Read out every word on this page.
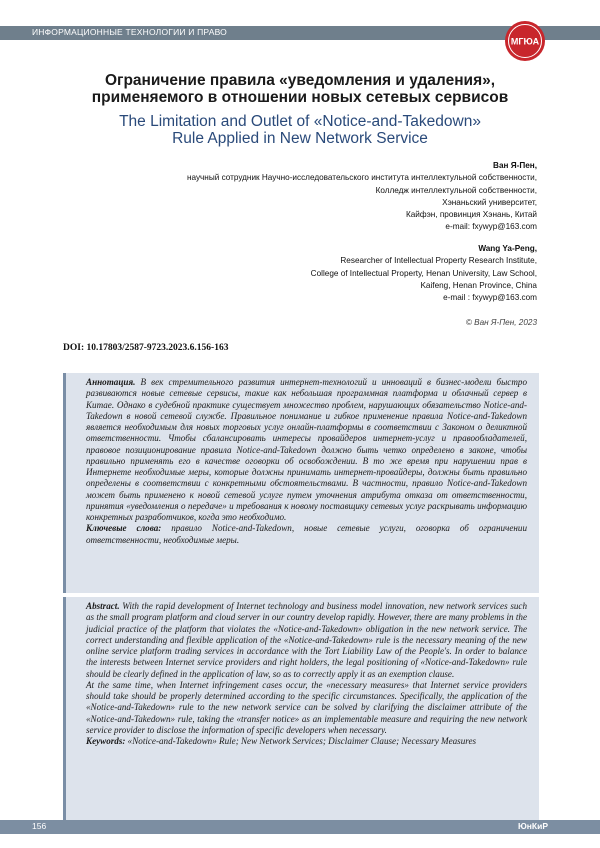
ИНФОРМАЦИОННЫЕ ТЕХНОЛОГИИ И ПРАВО
МГЮА
Ограничение правила «уведомления и удаления»,
применяемого в отношении новых сетевых сервисов
The Limitation and Outlet of «Notice-and-Takedown»
Rule Applied in New Network Service
Ван Я-Пен,
научный сотрудник Научно-исследовательского института интеллектульной собственности,
Колледж интеллектульной собственности,
Хэнаньский университет,
Кайфэн, провинция Хэнань, Китай
e-mail: fxywyp@163.com
Wang Ya-Peng,
Researcher of Intellectual Property Research Institute,
College of Intellectual Property, Henan University, Law School,
Kaifeng, Henan Province, China
e-mail : fxywyp@163.com
© Ван Я-Пен, 2023
DOI: 10.17803/2587-9723.2023.6.156-163

Аннотация. В век стремительного развития интернет-технологий и инноваций в бизнес-модели быстро развиваются новые сетевые сервисы, такие как небольшая программная платформа и облачный сервер в Китае. Однако в судебной практике существует множество проблем, нарушающих обязательство Notice-and-Takedown в новой сетевой службе. Правильное понимание и гибкое применение правила Notice-and-Takedown является необходимым для новых торговых услуг онлайн-платформы в соответствии с Законом о деликтной ответственности. Чтобы сбалансировать интересы провайдеров интернет-услуг и правообладателей, правовое позиционирование правила Notice-and-Takedown должно быть четко определено в законе, чтобы правильно применять его в качестве оговорки об освобождении. В то же время при нарушении прав в Интернете необходимые меры, которые должны принимать интернет-провайдеры, должны быть правильно определены в соответствии с конкретными обстоятельствами. В частности, правило Notice-and-Takedown может быть применено к новой сетевой услуге путем уточнения атрибута отказа от ответственности, принятия «уведомления о передаче» и требования к новому поставщику сетевых услуг раскрывать информацию конкретных разработчиков, когда это необходимо.

Ключевые слова: правило Notice-and-Takedown, новые сетевые услуги, оговорка об ограничении ответственности, необходимые меры.

Abstract. With the rapid development of Internet technology and business model innovation, new network services such as the small program platform and cloud server in our country develop rapidly. However, there are many problems in the judicial practice of the platform that violates the «Notice-and-Takedown» obligation in the new network service. The correct understanding and flexible application of the «Notice-and-Takedown» rule is the necessary meaning of the new online service platform trading services in accordance with the Tort Liability Law of the People's. In order to balance the interests between Internet service providers and right holders, the legal positioning of «Notice-and-Takedown» rule should be clearly defined in the application of law, so as to correctly apply it as an exemption clause.

At the same time, when Internet infringement cases occur, the «necessary measures» that Internet service providers should take should be properly determined according to the specific circumstances. Specifically, the application of the «Notice-and-Takedown» rule to the new network service can be solved by clarifying the disclaimer attribute of the «Notice-and-Takedown» rule, taking the «transfer notice» as an implementable measure and requiring the new network service provider to disclose the information of specific developers when necessary.

Keywords: «Notice-and-Takedown» Rule; New Network Services; Disclaimer Clause; Necessary Measures

156	ЮнКиР
